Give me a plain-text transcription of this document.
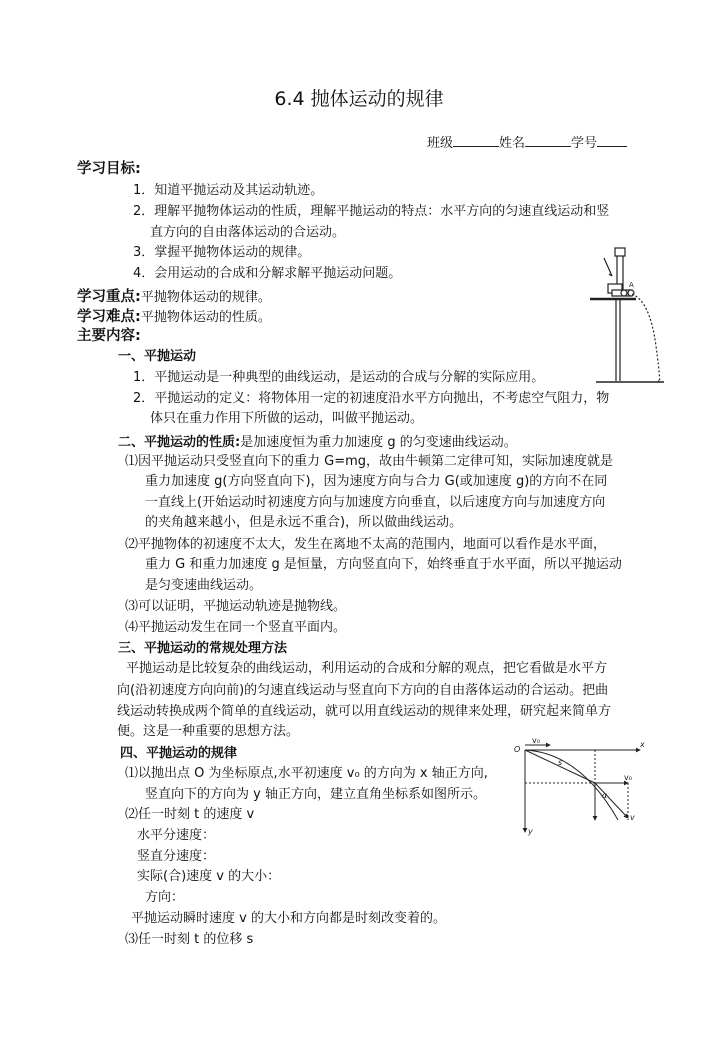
6.4 抛体运动的规律
班级	姓名	学号
学习目标:
1．知道平抛运动及其运动轨迹。
2．理解平抛物体运动的性质，理解平抛运动的特点：水平方向的匀速直线运动和竖
直方向的自由落体运动的合运动。
3．掌握平抛物体运动的规律。
4．会用运动的合成和分解求解平抛运动问题。
学习重点:平抛物体运动的规律。
学习难点:平抛物体运动的性质。
主要内容:
一、平抛运动
1．平抛运动是一种典型的曲线运动，是运动的合成与分解的实际应用。
2．平抛运动的定义：将物体用一定的初速度沿水平方向抛出，不考虑空气阻力，物
体只在重力作用下所做的运动，叫做平抛运动。
二、平抛运动的性质:是加速度恒为重力加速度 g 的匀变速曲线运动。
⑴因平抛运动只受竖直向下的重力 G=mg，故由牛顿第二定律可知，实际加速度就是
重力加速度 g(方向竖直向下)，因为速度方向与合力 G(或加速度 g)的方向不在同
一直线上(开始运动时初速度方向与加速度方向垂直，以后速度方向与加速度方向
的夹角越来越小，但是永远不重合)，所以做曲线运动。
⑵平抛物体的初速度不太大，发生在离地不太高的范围内，地面可以看作是水平面，
重力 G 和重力加速度 g 是恒量，方向竖直向下，始终垂直于水平面，所以平抛运动
是匀变速曲线运动。
⑶可以证明，平抛运动轨迹是抛物线。
⑷平抛运动发生在同一个竖直平面内。
三、平抛运动的常规处理方法
平抛运动是比较复杂的曲线运动，利用运动的合成和分解的观点，把它看做是水平方
向(沿初速度方向向前)的匀速直线运动与竖直向下方向的自由落体运动的合运动。把曲
线运动转换成两个简单的直线运动，就可以用直线运动的规律来处理，研究起来简单方
便。这是一种重要的思想方法。
四、平抛运动的规律
⑴以抛出点 O 为坐标原点,水平初速度 v₀ 的方向为 x 轴正方向,
竖直向下的方向为 y 轴正方向，建立直角坐标系如图所示。
⑵任一时刻 t 的速度 v
水平分速度：
竖直分速度：
实际(合)速度 v 的大小：
方向：
平抛运动瞬时速度 v 的大小和方向都是时刻改变着的。
⑶任一时刻 t 的位移 s
A
O
v₀	x
y
s
v₀
α
v
